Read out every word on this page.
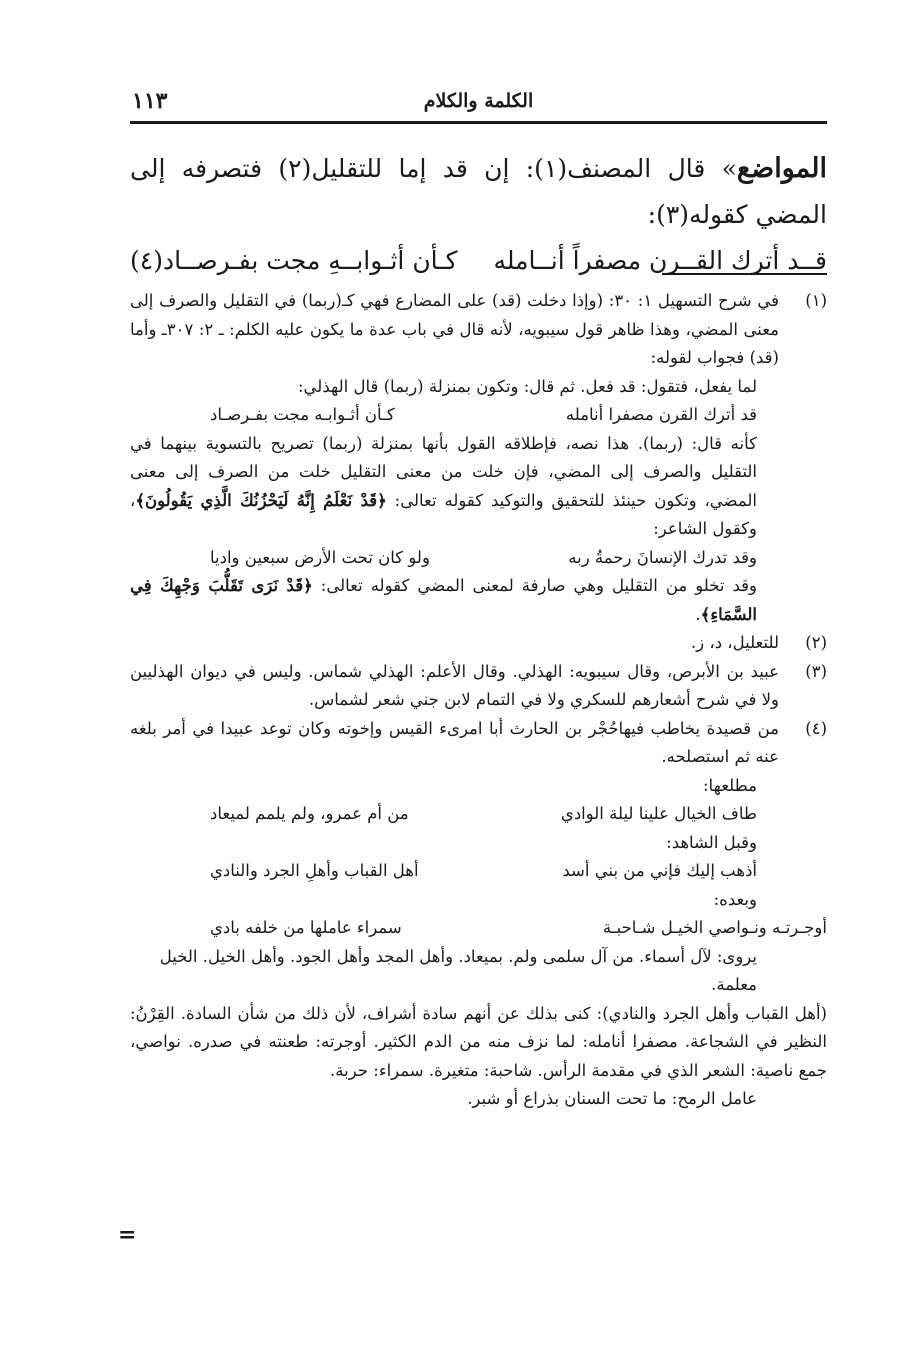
الكلمة والكلام
١١٣

المواضع» قال المصنف(١): إن قد إما للتقليل(٢) فتصرفه إلى المضي كقوله(٣):

قــد أترك القــرن مصفراً أنــامله
كـأن أثـوابــهِ مجت بفـرصــاد(٤)
(١)

في شرح التسهيل ١: ٣٠: (وإذا دخلت (قد) على المضارع فهي كـ(ربما) في التقليل والصرف إلى معنى المضي، وهذا ظاهر قول سيبويه، لأنه قال في باب عدة ما يكون عليه الكلم: ـ ٢: ٣٠٧ـ وأما (قد) فجواب لقوله:

لما يفعل، فتقول: قد فعل. ثم قال: وتكون بمنزلة (ربما) قال الهذلي:

قد أترك القرن مصفرا أنامله
كـأن أثـوابـه مجت بفـرصـاد

كأنه قال: (ربما). هذا نصه، فإطلاقه القول بأنها بمنزلة (ربما) تصريح بالتسوية بينهما في التقليل والصرف إلى المضي، فإن خلت من معنى التقليل خلت من الصرف إلى معنى المضي، وتكون حينئذ للتحقيق والتوكيد كقوله تعالى: ﴿قَدْ نَعْلَمُ إِنَّهُ لَيَحْزُنُكَ الَّذِي يَقُولُونَ﴾، وكقول الشاعر:

وقد تدرك الإنسانَ رحمةُ ربه
ولو كان تحت الأرض سبعين واديا

وقد تخلو من التقليل وهي صارفة لمعنى المضي كقوله تعالى: ﴿قَدْ نَرَى تَقَلُّبَ وَجْهِكَ فِي السَّمَاءِ﴾.

(٢)

للتعليل، د، ز.

(٣)

عبيد بن الأبرص، وقال سيبويه: الهذلي. وقال الأعلم: الهذلي شماس. وليس في ديوان الهذليين ولا في شرح أشعارهم للسكري ولا في التمام لابن جني شعر لشماس.

(٤)

من قصيدة يخاطب فيهاحُجْر بن الحارث أبا امرىء القيس وإخوته وكان توعد عبيدا في أمر بلغه عنه ثم استصلحه.

مطلعها:

طاف الخيال علينا ليلة الوادي
من أم عمرو، ولم يلمم لميعاد

وقبل الشاهد:

أذهب إليك فإني من بني أسد
أهل القباب وأهلِ الجرد والنادي

وبعده:

أوجـرتـه ونـواصي الخيـل شـاحبـة
سمراء عاملها من خلفه بادي

يروى: لآل أسماء. من آل سلمى ولم. بميعاد. وأهل المجد وأهل الجود. وأهل الخيل. الخيل معلمة.

(أهل القباب وأهل الجرد والنادي): كنى بذلك عن أنهم سادة أشراف، لأن ذلك من شأن السادة. القِرْنُ: النظير في الشجاعة. مصفرا أنامله: لما نزف منه من الدم الكثير. أوجرته: طعنته في صدره. نواصي، جمع ناصية: الشعر الذي في مقدمة الرأس. شاحبة: متغيرة. سمراء: حربة.

عامل الرمح: ما تحت السنان بذراع أو شبر.

=
